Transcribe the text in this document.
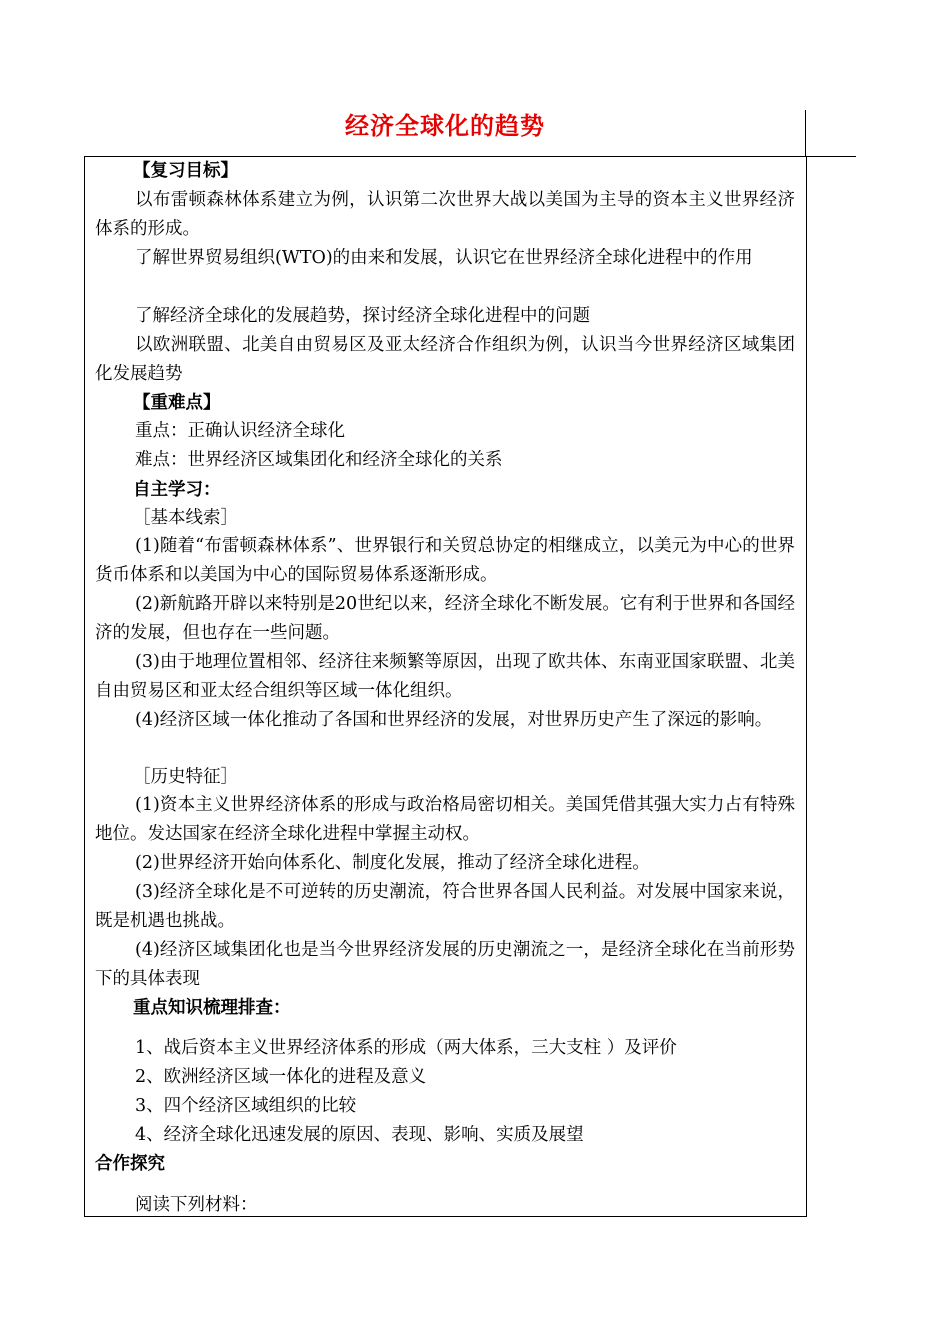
经济全球化的趋势
【复习目标】
以布雷顿森林体系建立为例，认识第二次世界大战以美国为主导的资本主义世界经济体系的形成。
了解世界贸易组织(WTO)的由来和发展，认识它在世界经济全球化进程中的作用
了解经济全球化的发展趋势，探讨经济全球化进程中的问题
以欧洲联盟、北美自由贸易区及亚太经济合作组织为例，认识当今世界经济区域集团化发展趋势
【重难点】
重点：正确认识经济全球化
难点：世界经济区域集团化和经济全球化的关系
自主学习：
［基本线索］
(1)随着“布雷顿森林体系”、世界银行和关贸总协定的相继成立，以美元为中心的世界货币体系和以美国为中心的国际贸易体系逐渐形成。
(2)新航路开辟以来特别是20世纪以来，经济全球化不断发展。它有利于世界和各国经济的发展，但也存在一些问题。
(3)由于地理位置相邻、经济往来频繁等原因，出现了欧共体、东南亚国家联盟、北美自由贸易区和亚太经合组织等区域一体化组织。
(4)经济区域一体化推动了各国和世界经济的发展，对世界历史产生了深远的影响。
［历史特征］
(1)资本主义世界经济体系的形成与政治格局密切相关。美国凭借其强大实力占有特殊地位。发达国家在经济全球化进程中掌握主动权。
(2)世界经济开始向体系化、制度化发展，推动了经济全球化进程。
(3)经济全球化是不可逆转的历史潮流，符合世界各国人民利益。对发展中国家来说，既是机遇也挑战。
(4)经济区域集团化也是当今世界经济发展的历史潮流之一，是经济全球化在当前形势下的具体表现
重点知识梳理排查：
1、战后资本主义世界经济体系的形成（两大体系，三大支柱 ）及评价
2、欧洲经济区域一体化的进程及意义
3、四个经济区域组织的比较
4、经济全球化迅速发展的原因、表现、影响、实质及展望
合作探究
阅读下列材料：
